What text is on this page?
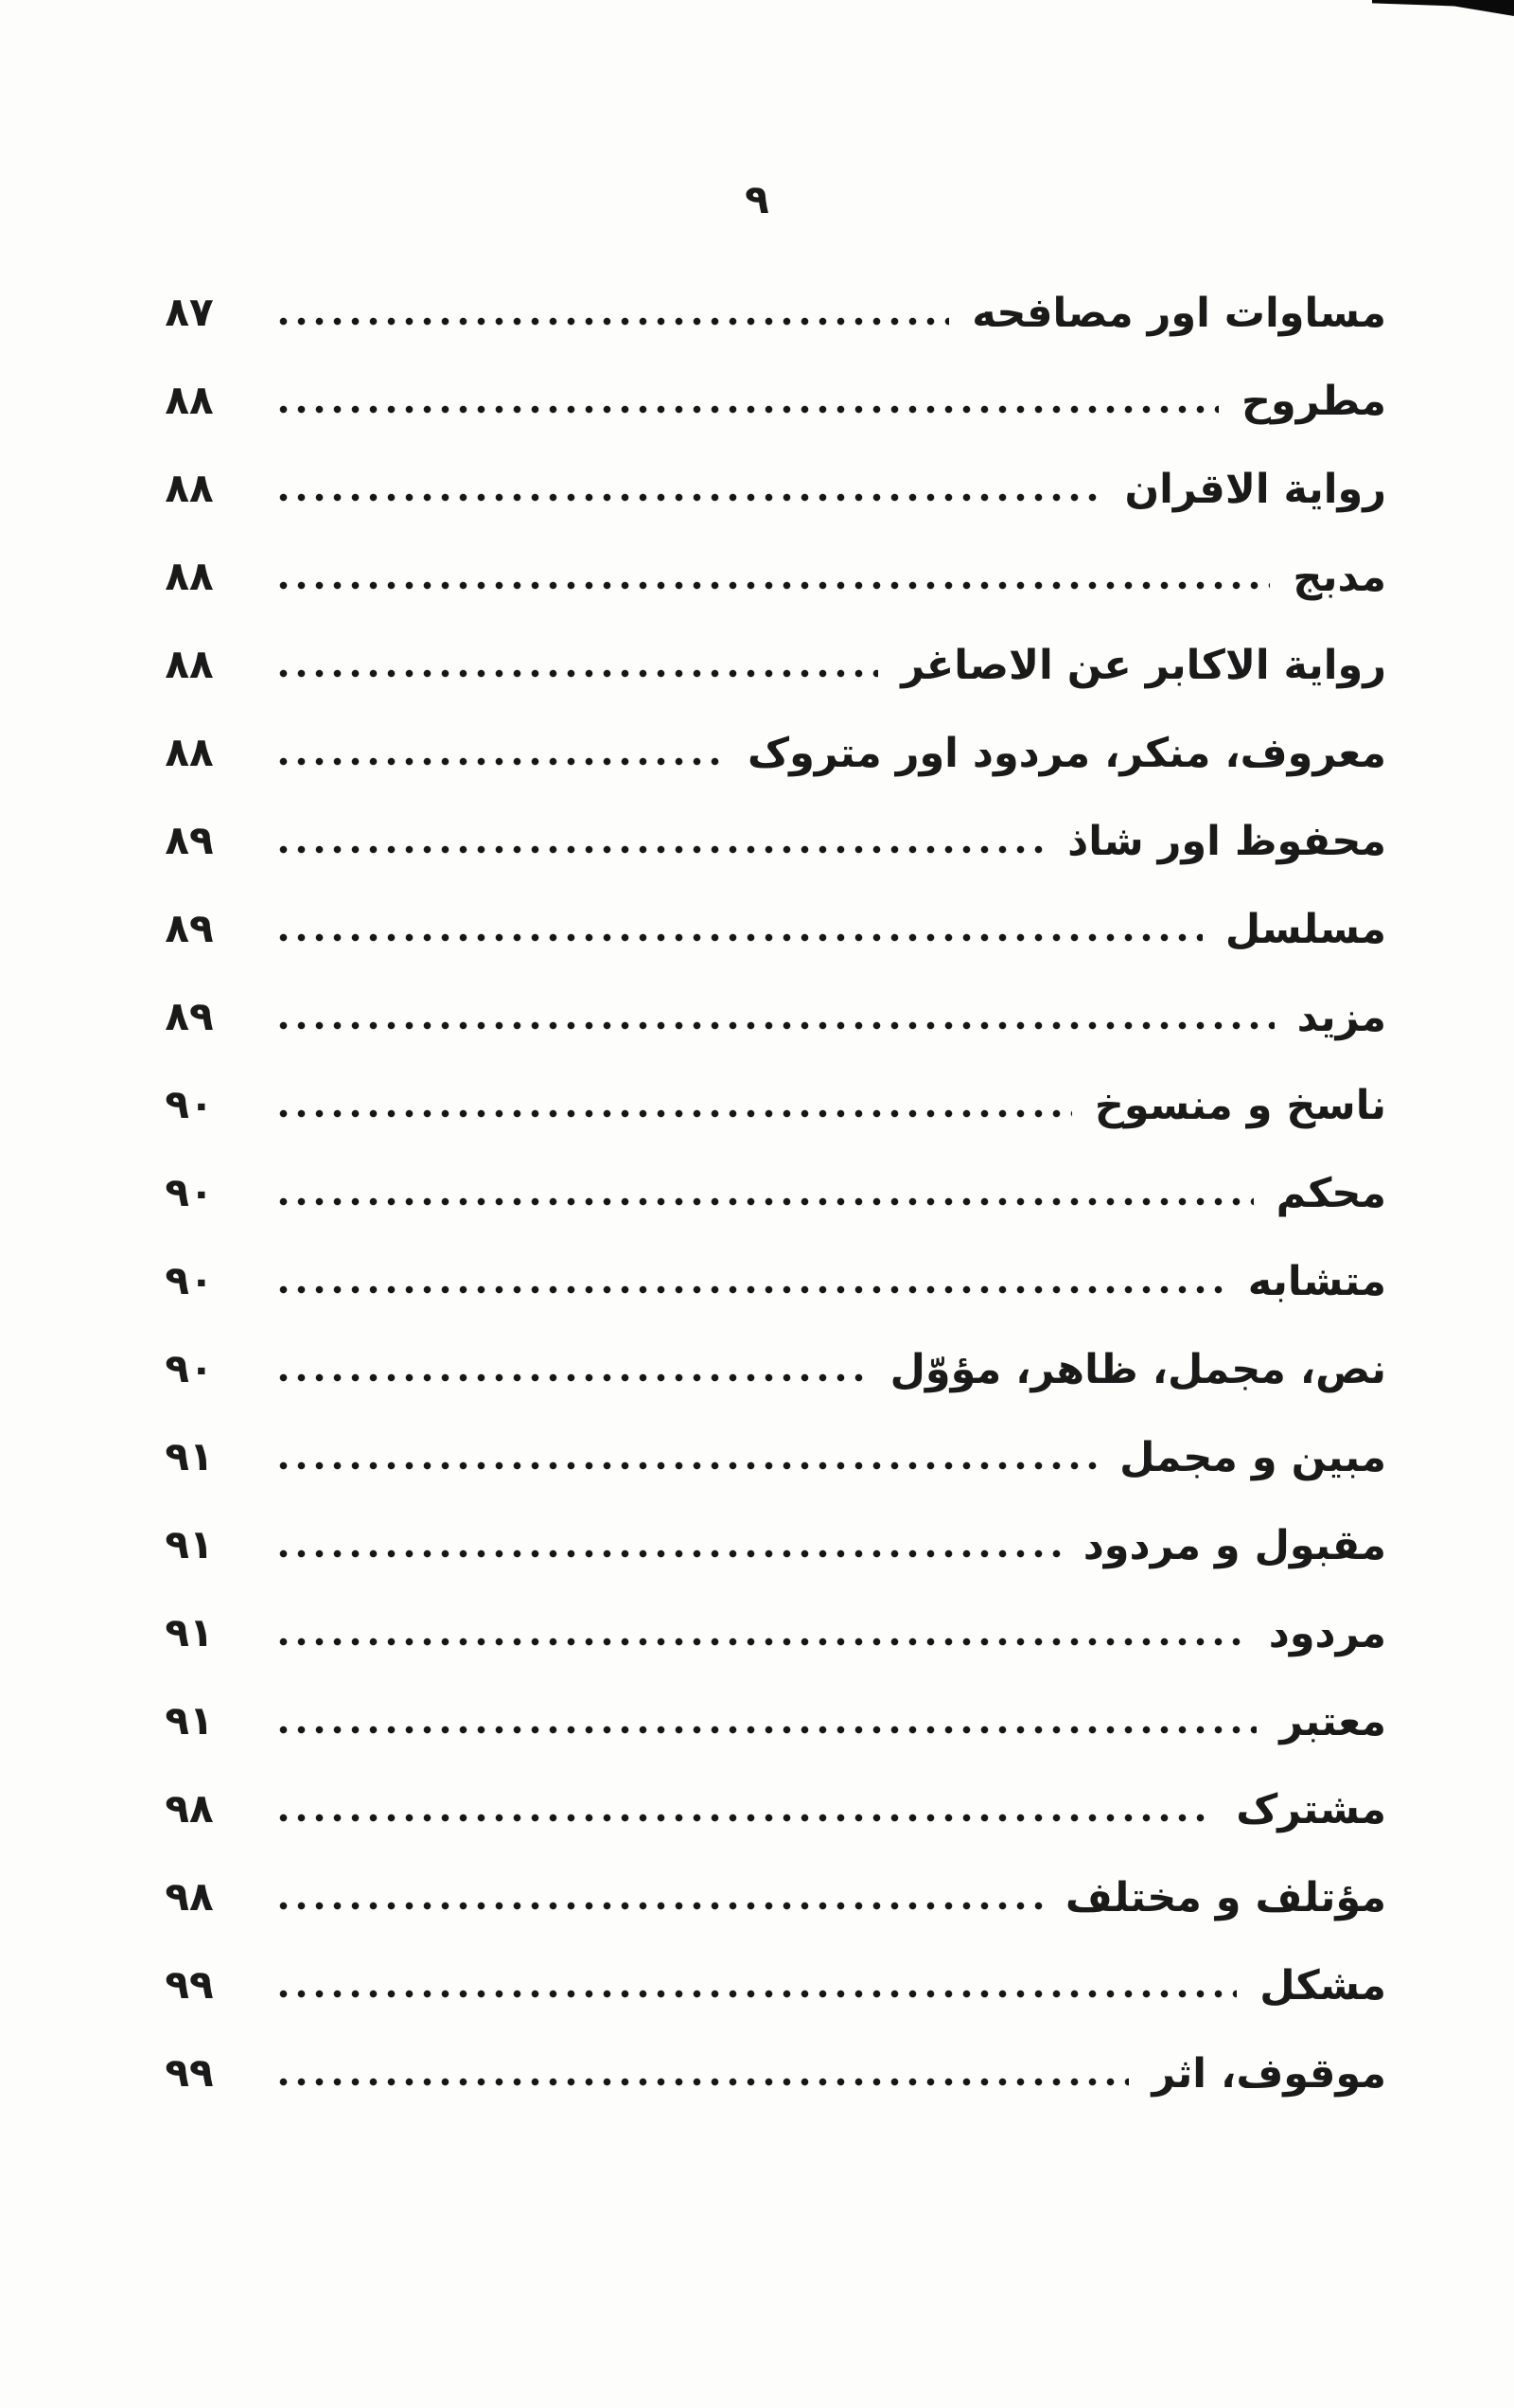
۹
مساوات اور مصافحه
۸۷
مطروح
۸۸
روایة الاقران
۸۸
مدبج
۸۸
روایة الاکابر عن الاصاغر
۸۸
معروف، منکر، مردود اور متروک
۸۸
محفوظ اور شاذ
۸۹
مسلسل
۸۹
مزید
۸۹
ناسخ و منسوخ
۹۰
محکم
۹۰
متشابه
۹۰
نص، مجمل، ظاهر، مؤوّل
۹۰
مبین و مجمل
۹۱
مقبول و مردود
۹۱
مردود
۹۱
معتبر
۹۱
مشترک
۹۸
مؤتلف و مختلف
۹۸
مشکل
۹۹
موقوف، اثر
۹۹
